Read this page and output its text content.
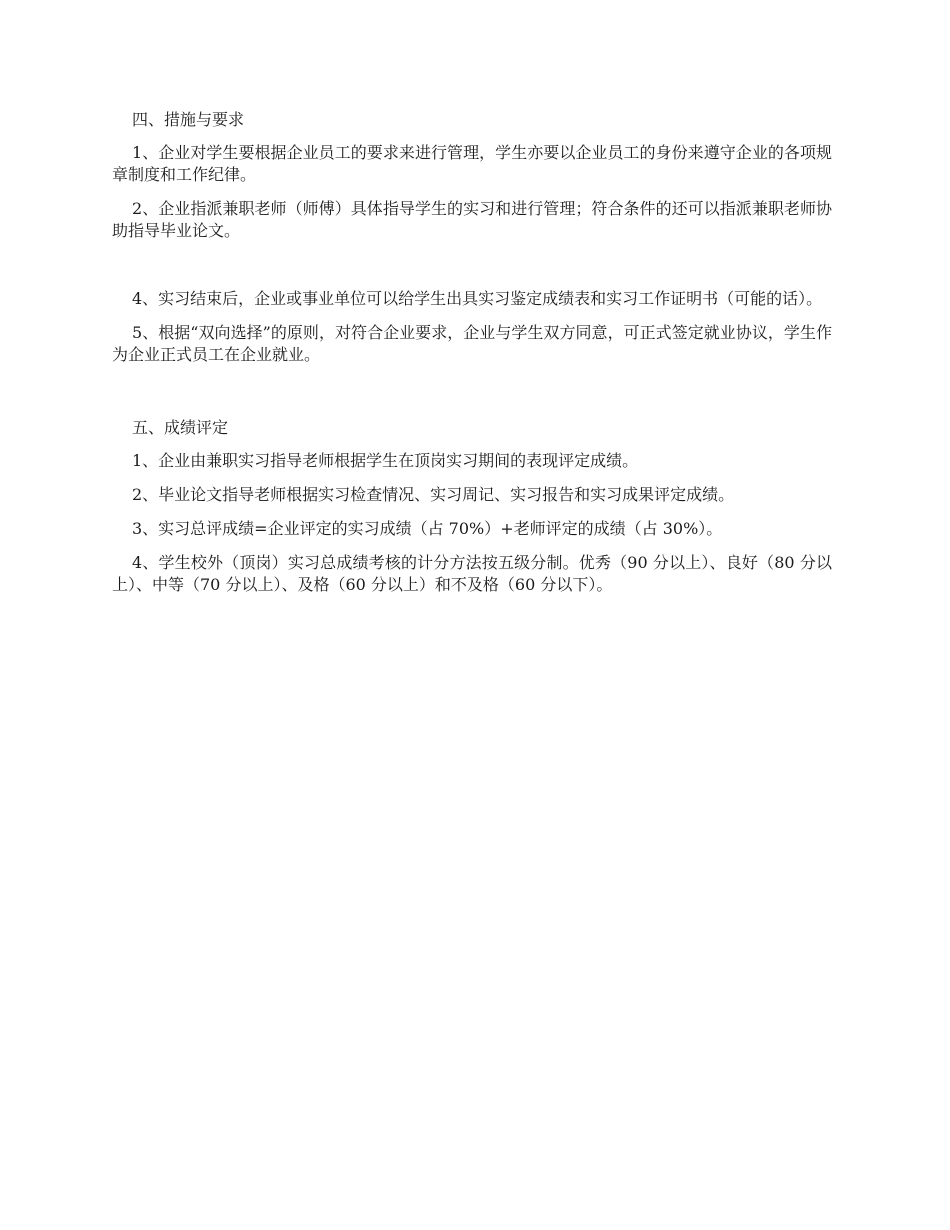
四、措施与要求

1、企业对学生要根据企业员工的要求来进行管理，学生亦要以企业员工的身份来遵守企业的各项规章制度和工作纪律。

2、企业指派兼职老师（师傅）具体指导学生的实习和进行管理；符合条件的还可以指派兼职老师协助指导毕业论文。

4、实习结束后，企业或事业单位可以给学生出具实习鉴定成绩表和实习工作证明书（可能的话）。

5、根据“双向选择”的原则，对符合企业要求，企业与学生双方同意，可正式签定就业协议，学生作为企业正式员工在企业就业。

五、成绩评定

1、企业由兼职实习指导老师根据学生在顶岗实习期间的表现评定成绩。

2、毕业论文指导老师根据实习检查情况、实习周记、实习报告和实习成果评定成绩。

3、实习总评成绩=企业评定的实习成绩（占 70%）+老师评定的成绩（占 30%）。

4、学生校外（顶岗）实习总成绩考核的计分方法按五级分制。优秀（90 分以上）、良好（80 分以上）、中等（70 分以上）、及格（60 分以上）和不及格（60 分以下）。
